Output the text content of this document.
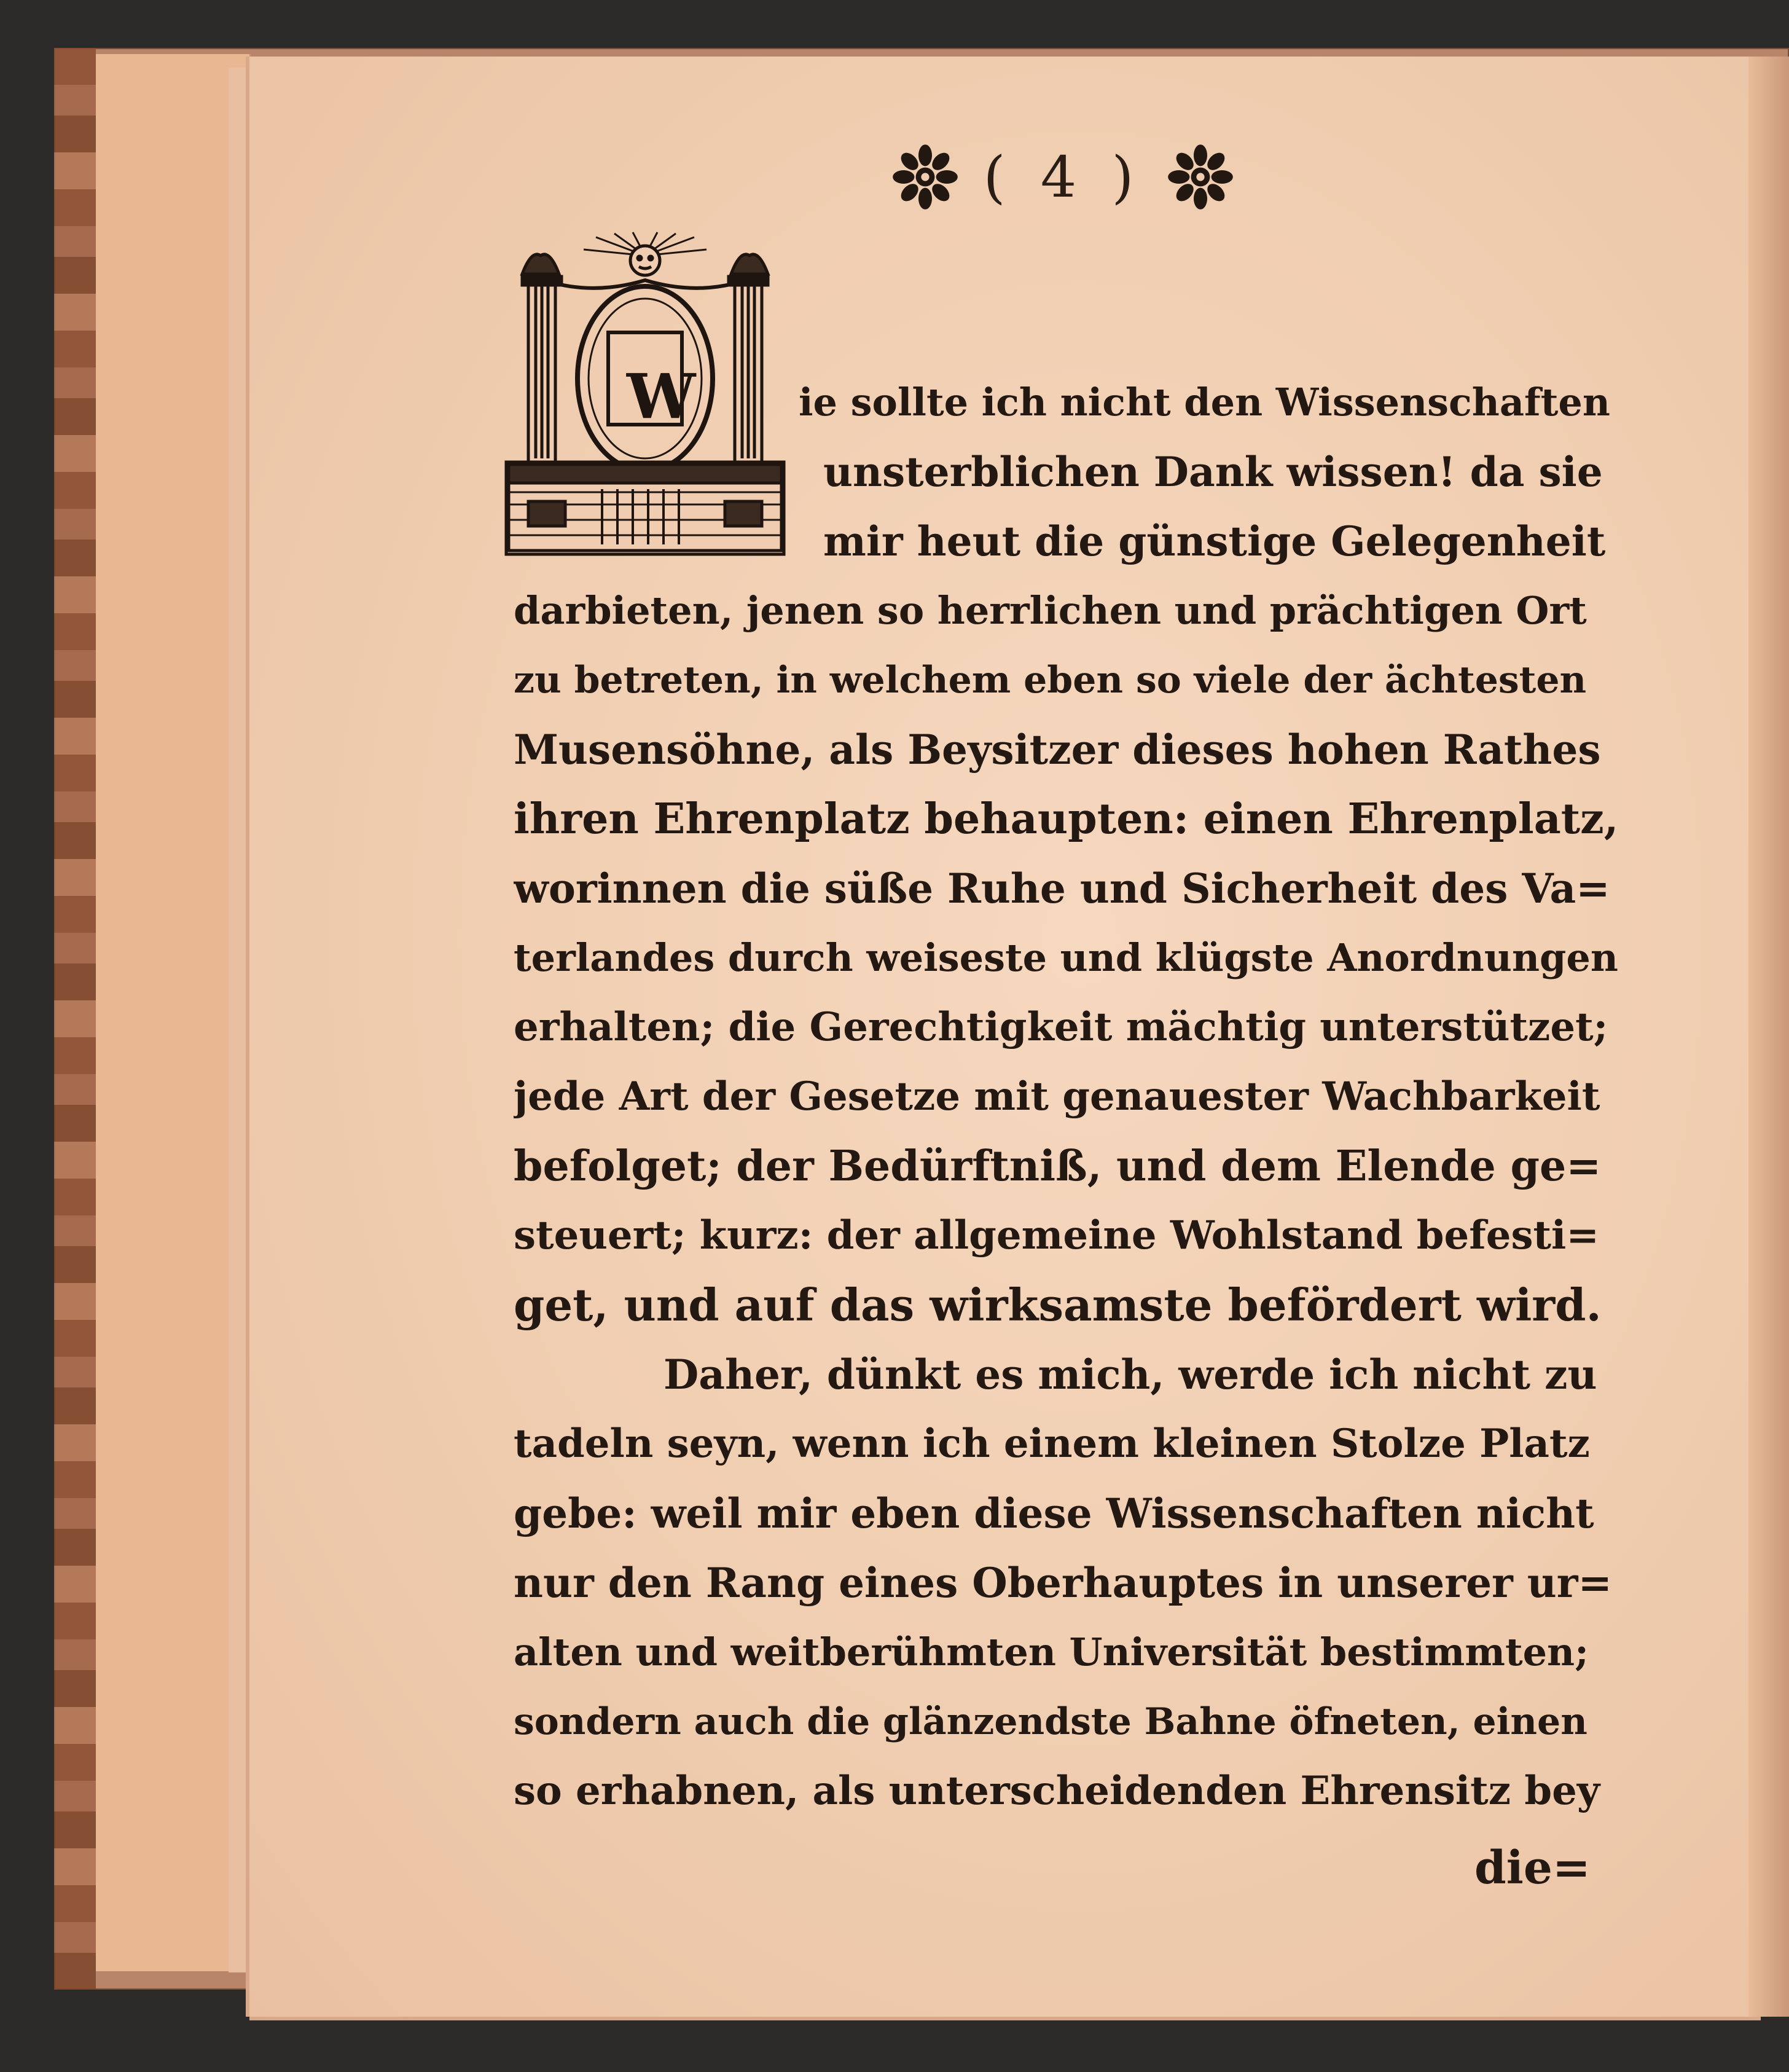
( 4 )
W	ie sollte ich nicht den Wissenschaften
unsterblichen Dank wissen! da sie
mir heut die günstige Gelegenheit
darbieten, jenen so herrlichen und prächtigen Ort
zu betreten, in welchem eben so viele der ächtesten
Musensöhne, als Beysitzer dieses hohen Rathes
ihren Ehrenplatz behaupten: einen Ehrenplatz,
worinnen die süße Ruhe und Sicherheit des Va=
terlandes durch weiseste und klügste Anordnungen
erhalten; die Gerechtigkeit mächtig unterstützet;
jede Art der Gesetze mit genauester Wachbarkeit
befolget; der Bedürftniß, und dem Elende ge=
steuert; kurz: der allgemeine Wohlstand befesti=
get, und auf das wirksamste befördert wird.
Daher, dünkt es mich, werde ich nicht zu
tadeln seyn, wenn ich einem kleinen Stolze Platz
gebe: weil mir eben diese Wissenschaften nicht
nur den Rang eines Oberhauptes in unserer ur=
alten und weitberühmten Universität bestimmten;
sondern auch die glänzendste Bahne öfneten, einen
so erhabnen, als unterscheidenden Ehrensitz bey
die=
